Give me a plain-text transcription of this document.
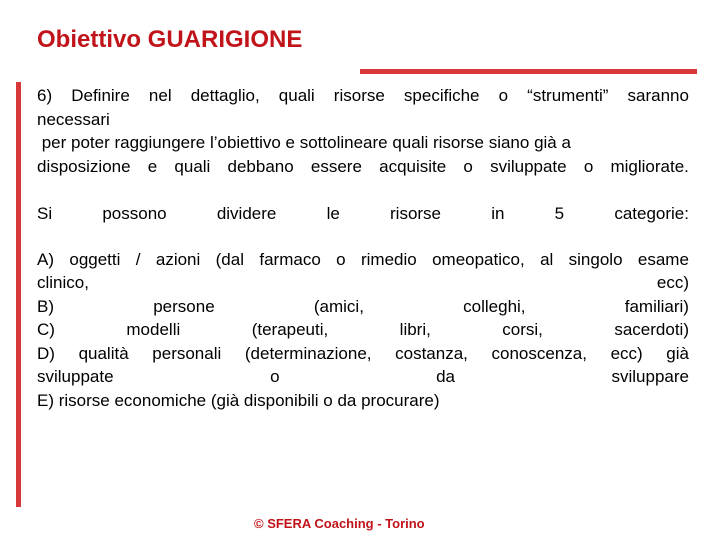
Obiettivo GUARIGIONE
6) Definire nel dettaglio, quali risorse specifiche o “strumenti” saranno
necessari
per poter raggiungere l’obiettivo e sottolineare quali risorse siano già a
disposizione e quali debbano essere acquisite o sviluppate o migliorate.
Si	possono	dividere	le	risorse	in	5	categorie:
A) oggetti / azioni (dal farmaco o rimedio omeopatico, al singolo esame
clinico,	ecc)
B)	persone	(amici,	colleghi,	familiari)
C)	modelli	(terapeuti,	libri,	corsi,	sacerdoti)
D) qualità personali (determinazione, costanza, conoscenza, ecc) già
sviluppate	o	da	sviluppare
E) risorse economiche (già disponibili o da procurare)
© SFERA Coaching - Torino
